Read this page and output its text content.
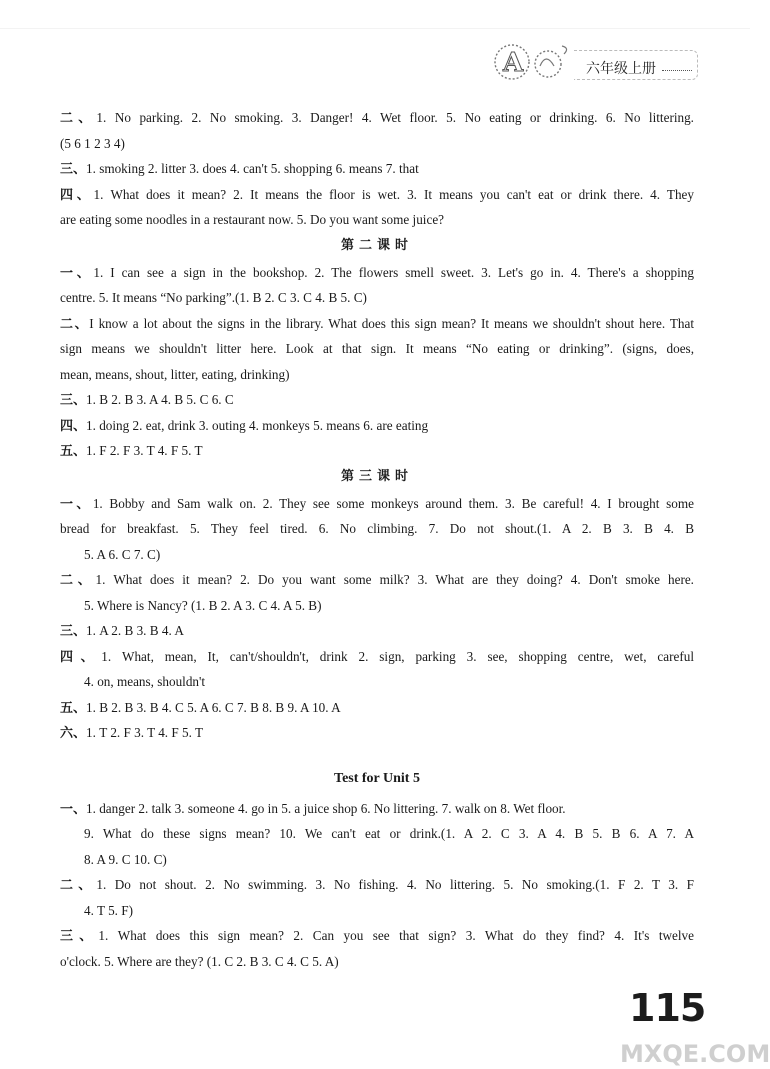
A	六年级上册
二、1. No parking. 2. No smoking. 3. Danger! 4. Wet floor. 5. No eating or drinking. 6. No littering.
(5 6 1 2 3 4)
三、1. smoking 2. litter 3. does 4. can't 5. shopping 6. means 7. that
四、1. What does it mean? 2. It means the floor is wet. 3. It means you can't eat or drink there. 4. They
are eating some noodles in a restaurant now. 5. Do you want some juice?
第二课时
一、1. I can see a sign in the bookshop. 2. The flowers smell sweet. 3. Let's go in. 4. There's a shopping
centre. 5. It means “No parking”.(1. B 2. C 3. C 4. B 5. C)
二、I know a lot about the signs in the library. What does this sign mean? It means we shouldn't shout here. That
sign means we shouldn't litter here. Look at that sign. It means “No eating or drinking”. (signs, does,
mean, means, shout, litter, eating, drinking)
三、1. B 2. B 3. A 4. B 5. C 6. C
四、1. doing 2. eat, drink 3. outing 4. monkeys 5. means 6. are eating
五、1. F 2. F 3. T 4. F 5. T
第三课时
一、1. Bobby and Sam walk on. 2. They see some monkeys around them. 3. Be careful! 4. I brought some
bread for breakfast. 5. They feel tired. 6. No climbing. 7. Do not shout.(1. A 2. B 3. B 4. B
5. A 6. C 7. C)
二、1. What does it mean? 2. Do you want some milk? 3. What are they doing? 4. Don't smoke here.
5. Where is Nancy? (1. B 2. A 3. C 4. A 5. B)
三、1. A 2. B 3. B 4. A
四、1. What, mean, It, can't/shouldn't, drink 2. sign, parking 3. see, shopping centre, wet, careful
4. on, means, shouldn't
五、1. B 2. B 3. B 4. C 5. A 6. C 7. B 8. B 9. A 10. A
六、1. T 2. F 3. T 4. F 5. T
Test for Unit 5
一、1. danger 2. talk 3. someone 4. go in 5. a juice shop 6. No littering. 7. walk on 8. Wet floor.
9. What do these signs mean? 10. We can't eat or drink.(1. A 2. C 3. A 4. B 5. B 6. A 7. A
8. A 9. C 10. C)
二、1. Do not shout. 2. No swimming. 3. No fishing. 4. No littering. 5. No smoking.(1. F 2. T 3. F
4. T 5. F)
三、1. What does this sign mean? 2. Can you see that sign? 3. What do they find? 4. It's twelve
o'clock. 5. Where are they? (1. C 2. B 3. C 4. C 5. A)
115
MXQE.COM
